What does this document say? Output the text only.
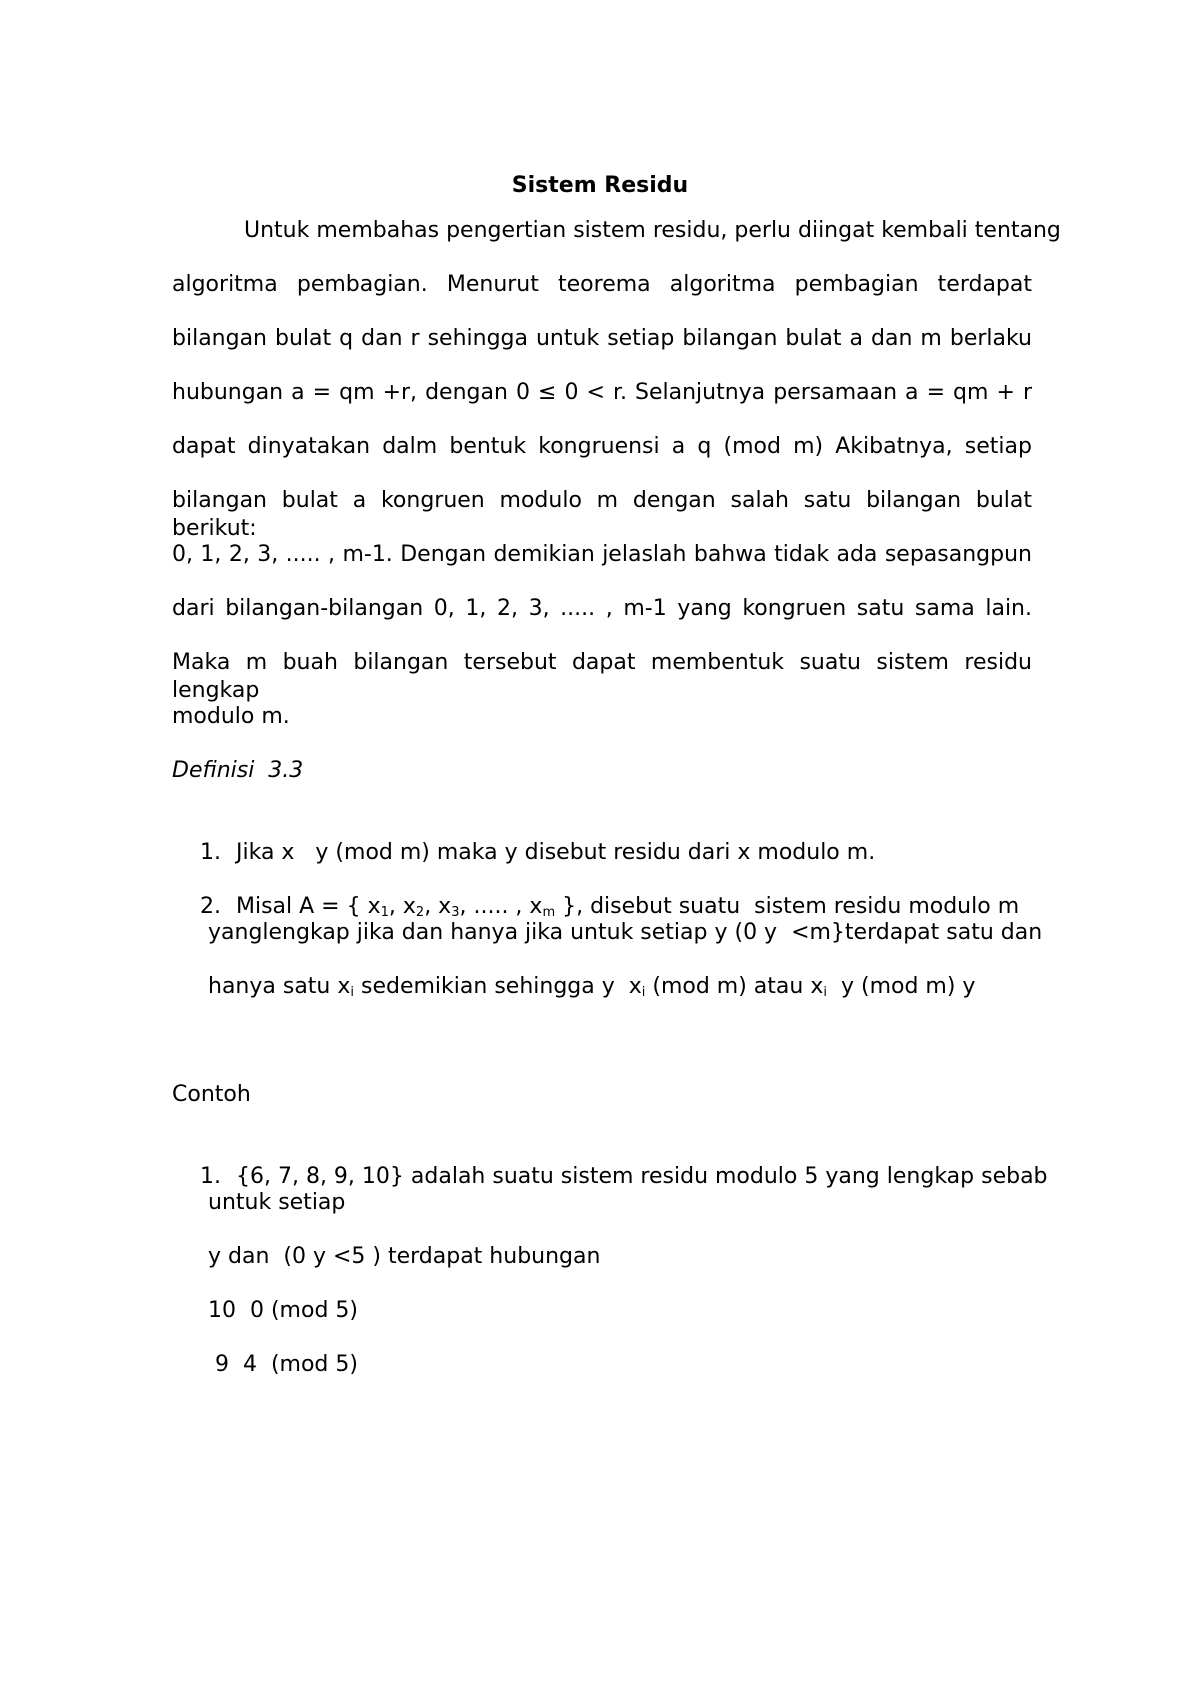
Sistem Residu
Untuk membahas pengertian sistem residu, perlu diingat kembali tentang
algoritma pembagian. Menurut teorema algoritma pembagian terdapat
bilangan bulat q dan r sehingga untuk setiap bilangan bulat a dan m berlaku
hubungan a = qm +r, dengan 0 ≤ 0 < r. Selanjutnya persamaan a = qm + r
dapat dinyatakan dalm bentuk kongruensi a q (mod m) Akibatnya, setiap
bilangan bulat a kongruen modulo m dengan salah satu bilangan bulat berikut:
0, 1, 2, 3, ..... , m-1. Dengan demikian jelaslah bahwa tidak ada sepasangpun
dari bilangan-bilangan 0, 1, 2, 3, ..... , m-1 yang kongruen satu sama lain.
Maka m buah bilangan tersebut dapat membentuk suatu sistem residu lengkap
modulo m.
Definisi  3.3

1. Jika x   y (mod m) maka y disebut residu dari x modulo m.

2. Misal A = { $x_1$, $x_2$, $x_3$, ..... , $x_m$ }, disebut suatu  sistem residu modulo m

yanglengkap jika dan hanya jika untuk setiap y (0 y  <m}terdapat satu dan
hanya satu $x_i$ sedemikian sehingga y  $x_i$ (mod m) atau $x_i$  y (mod m) y
Contoh

1. {6, 7, 8, 9, 10} adalah suatu sistem residu modulo 5 yang lengkap sebab

untuk setiap
y dan  (0 y <5 ) terdapat hubungan
10  0 (mod 5)
9  4  (mod 5)
